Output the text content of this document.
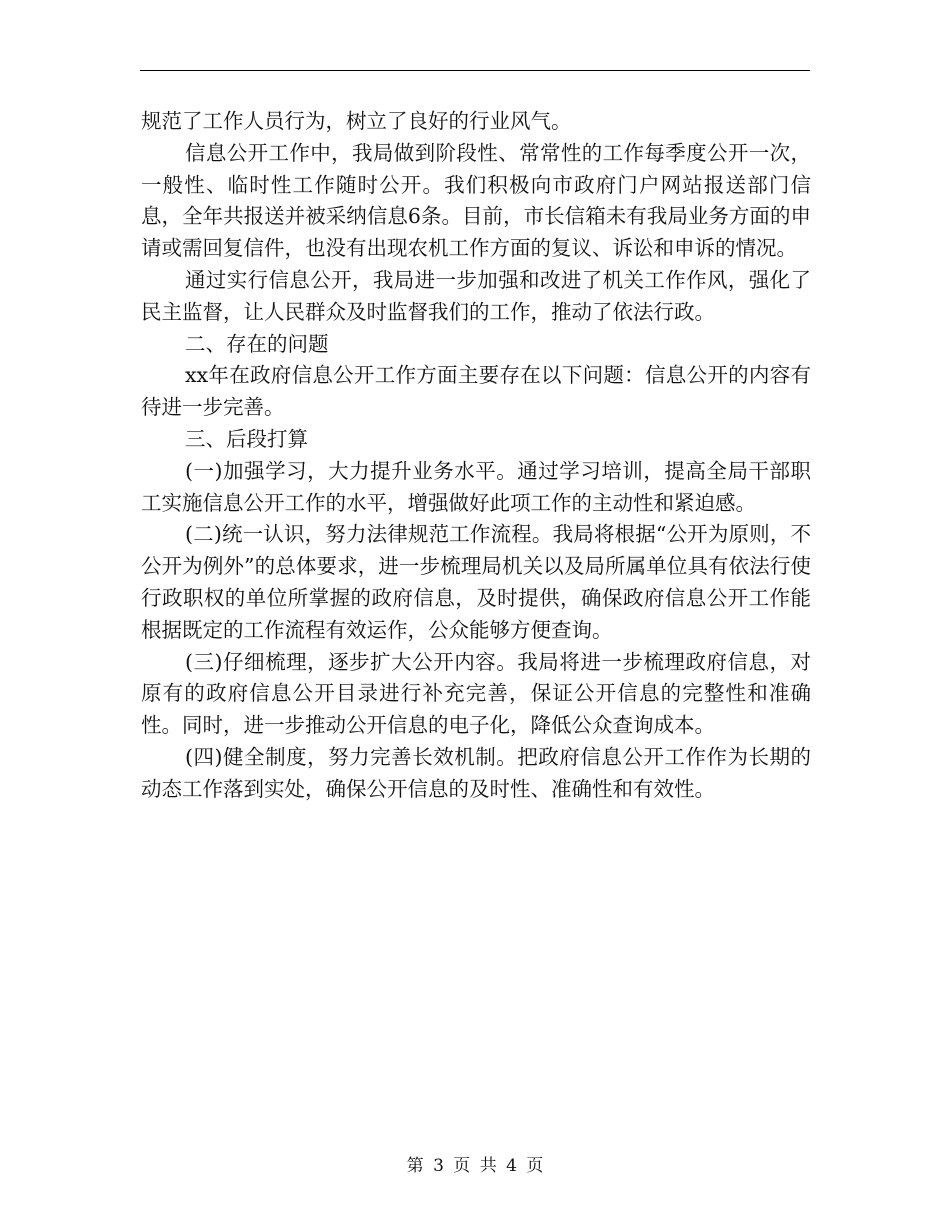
规范了工作人员行为，树立了良好的行业风气。

信息公开工作中，我局做到阶段性、常常性的工作每季度公开一次，一般性、临时性工作随时公开。我们积极向市政府门户网站报送部门信息，全年共报送并被采纳信息6条。目前，市长信箱未有我局业务方面的申请或需回复信件，也没有出现农机工作方面的复议、诉讼和申诉的情况。

通过实行信息公开，我局进一步加强和改进了机关工作作风，强化了民主监督，让人民群众及时监督我们的工作，推动了依法行政。

二、存在的问题

xx年在政府信息公开工作方面主要存在以下问题：信息公开的内容有待进一步完善。

三、后段打算

(一)加强学习，大力提升业务水平。通过学习培训，提高全局干部职工实施信息公开工作的水平，增强做好此项工作的主动性和紧迫感。

(二)统一认识，努力法律规范工作流程。我局将根据“公开为原则，不公开为例外”的总体要求，进一步梳理局机关以及局所属单位具有依法行使行政职权的单位所掌握的政府信息，及时提供，确保政府信息公开工作能根据既定的工作流程有效运作，公众能够方便查询。

(三)仔细梳理，逐步扩大公开内容。我局将进一步梳理政府信息，对原有的政府信息公开目录进行补充完善，保证公开信息的完整性和准确性。同时，进一步推动公开信息的电子化，降低公众查询成本。

(四)健全制度，努力完善长效机制。把政府信息公开工作作为长期的动态工作落到实处，确保公开信息的及时性、准确性和有效性。

第 3 页 共 4 页
